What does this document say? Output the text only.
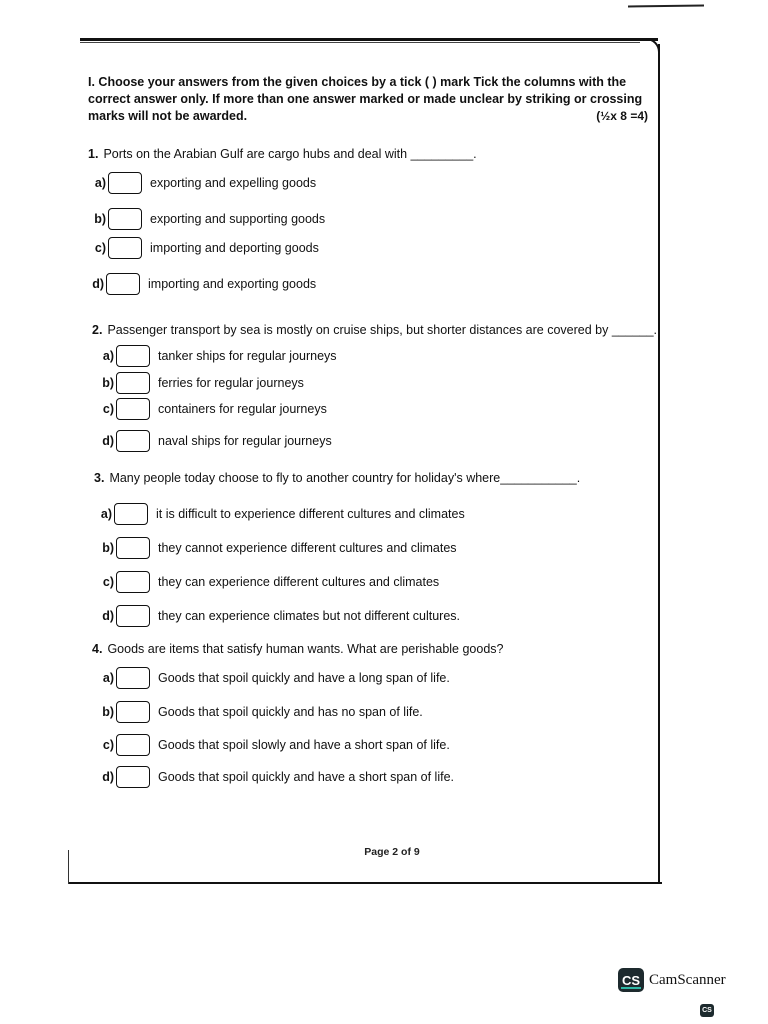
I. Choose your answers from the given choices by a tick ( ) mark Tick the columns with the
correct answer only. If more than one answer marked or made unclear by striking or crossing
marks will not be awarded.	(½x 8 =4)
1. Ports on the Arabian Gulf are cargo hubs and deal with _________.
a)	exporting and expelling goods
b)	exporting and supporting goods
c)	importing and deporting goods
d)	importing and exporting goods
2. Passenger transport by sea is mostly on cruise ships, but shorter distances are covered by ______.
a)	tanker ships for regular journeys
b)	ferries for regular journeys
c)	containers for regular journeys
d)	naval ships for regular journeys
3. Many people today choose to fly to another country for holiday's where___________.
a)	it is difficult to experience different cultures and climates
b)	they cannot experience different cultures and climates
c)	they can experience different cultures and climates
d)	they can experience climates but not different cultures.
4. Goods are items that satisfy human wants. What are perishable goods?
a)	Goods that spoil quickly and have a long span of life.
b)	Goods that spoil quickly and has no span of life.
c)	Goods that spoil slowly and have a short span of life.
d)	Goods that spoil quickly and have a short span of life.
Page 2 of 9
CS CamScanner
CS
